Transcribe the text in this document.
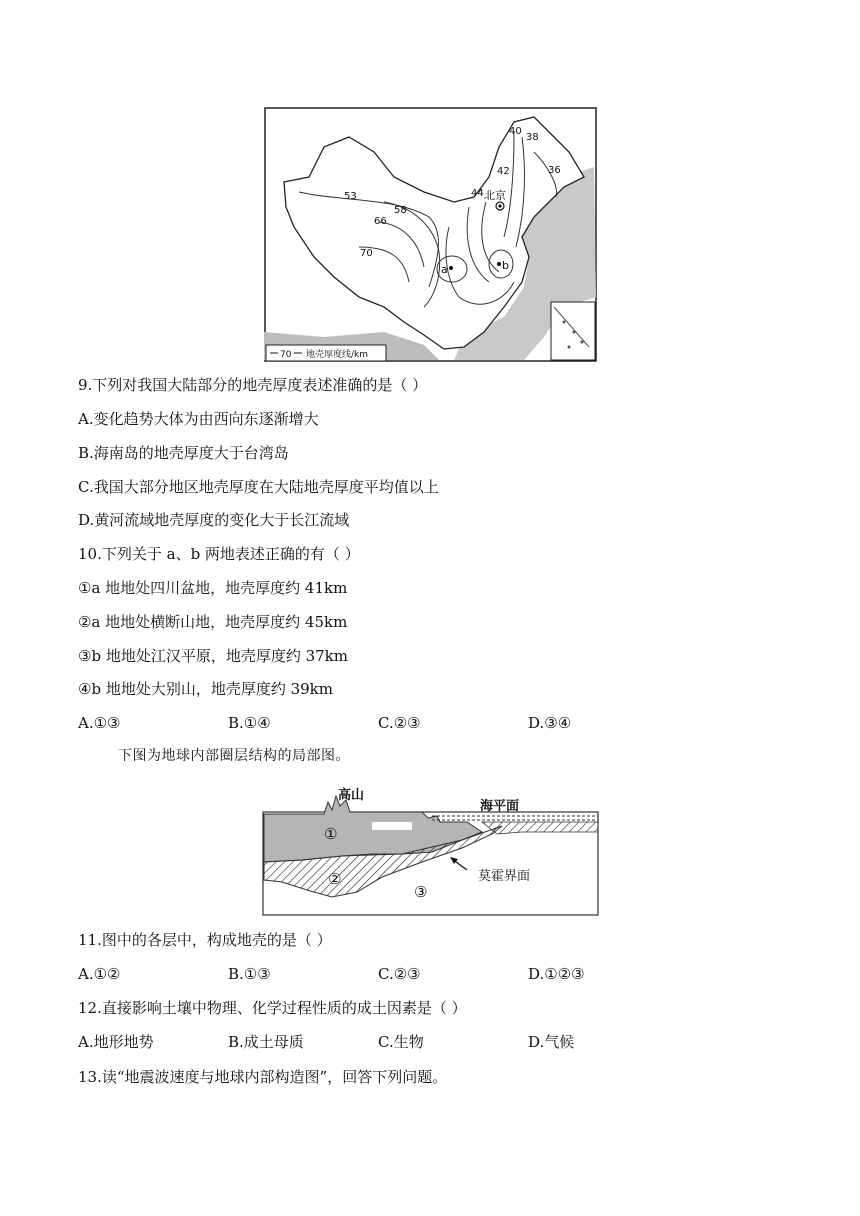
40
38
42	36
44
53
58
66
70
北京
a	b
70 地壳厚度线/km
9.下列对我国大陆部分的地壳厚度表述准确的是（ ）
A.变化趋势大体为由西向东逐渐增大
B.海南岛的地壳厚度大于台湾岛
C.我国大部分地区地壳厚度在大陆地壳厚度平均值以上
D.黄河流域地壳厚度的变化大于长江流域
10.下列关于 a、b 两地表述正确的有（ ）
①a 地地处四川盆地，地壳厚度约 41km
②a 地地处横断山地，地壳厚度约 45km
③b 地地处江汉平原，地壳厚度约 37km
④b 地地处大别山，地壳厚度约 39km
A.①③	B.①④	C.②③	D.③④
下图为地球内部圈层结构的局部图。
高山
海平面
①
②
③
莫霍界面
11.图中的各层中，构成地壳的是（ ）
A.①②	B.①③	C.②③	D.①②③
12.直接影响土壤中物理、化学过程性质的成土因素是（ ）
A.地形地势	B.成土母质	C.生物	D.气候
13.读“地震波速度与地球内部构造图”，回答下列问题。
